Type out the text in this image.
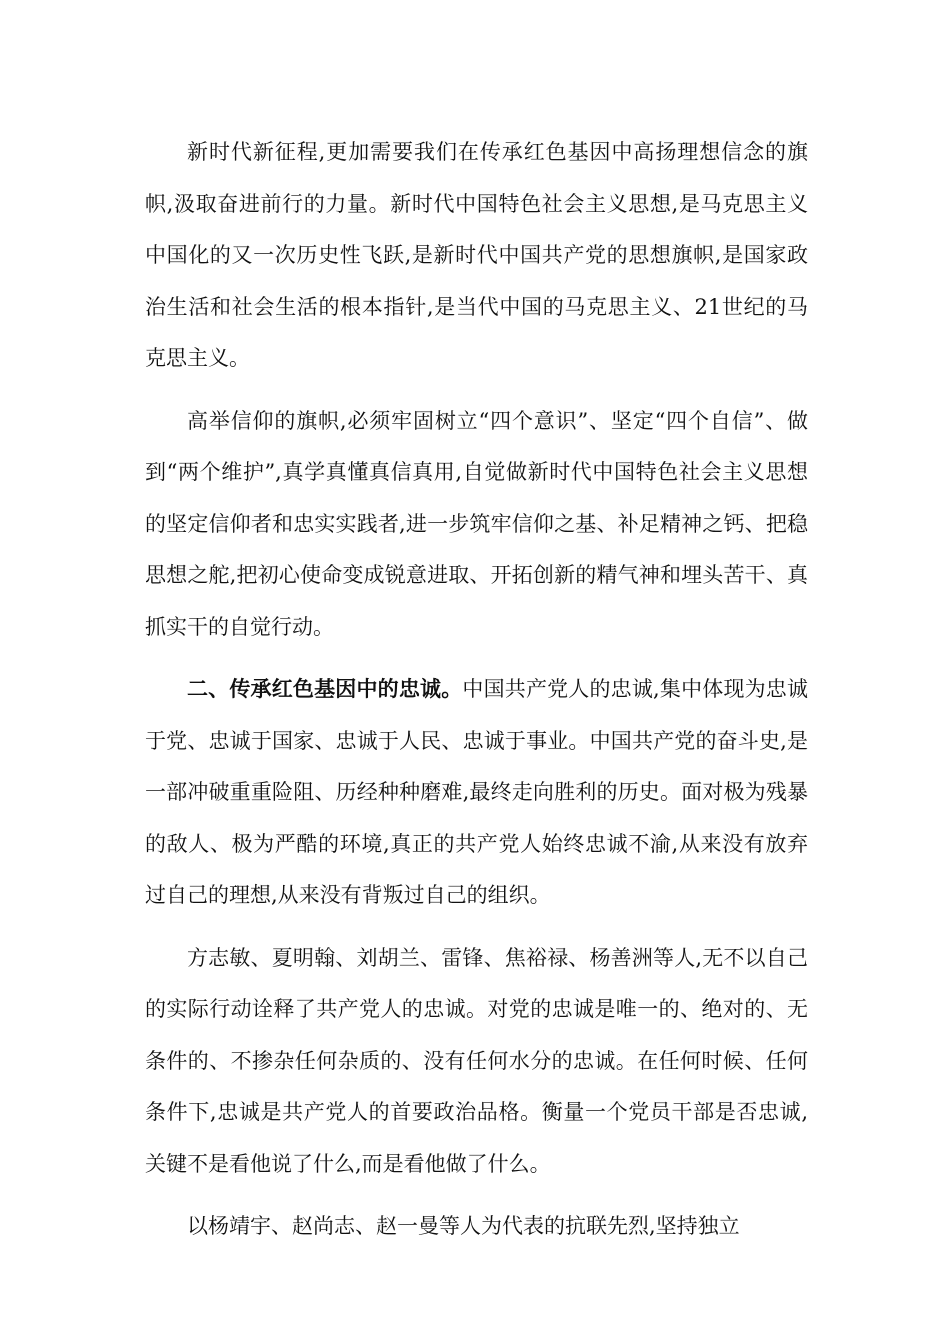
新时代新征程,更加需要我们在传承红色基因中高扬理想信念的旗帜,汲取奋进前行的力量。新时代中国特色社会主义思想,是马克思主义中国化的又一次历史性飞跃,是新时代中国共产党的思想旗帜,是国家政治生活和社会生活的根本指针,是当代中国的马克思主义、21世纪的马克思主义。

高举信仰的旗帜,必须牢固树立“四个意识”、坚定“四个自信”、做到“两个维护”,真学真懂真信真用,自觉做新时代中国特色社会主义思想的坚定信仰者和忠实实践者,进一步筑牢信仰之基、补足精神之钙、把稳思想之舵,把初心使命变成锐意进取、开拓创新的精气神和埋头苦干、真抓实干的自觉行动。

二、传承红色基因中的忠诚。中国共产党人的忠诚,集中体现为忠诚于党、忠诚于国家、忠诚于人民、忠诚于事业。中国共产党的奋斗史,是一部冲破重重险阻、历经种种磨难,最终走向胜利的历史。面对极为残暴的敌人、极为严酷的环境,真正的共产党人始终忠诚不渝,从来没有放弃过自己的理想,从来没有背叛过自己的组织。

方志敏、夏明翰、刘胡兰、雷锋、焦裕禄、杨善洲等人,无不以自己的实际行动诠释了共产党人的忠诚。对党的忠诚是唯一的、绝对的、无条件的、不掺杂任何杂质的、没有任何水分的忠诚。在任何时候、任何条件下,忠诚是共产党人的首要政治品格。衡量一个党员干部是否忠诚,关键不是看他说了什么,而是看他做了什么。

以杨靖宇、赵尚志、赵一曼等人为代表的抗联先烈,坚持独立
